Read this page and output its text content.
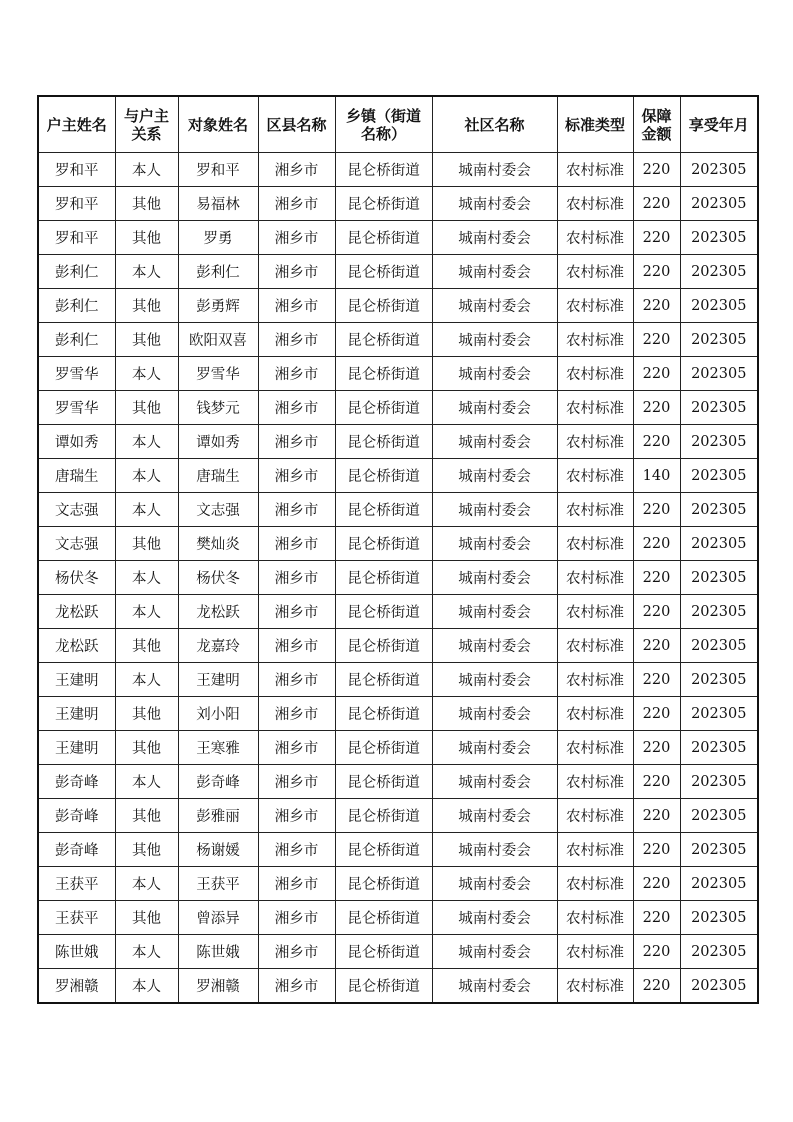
户主姓名	与户主关系	对象姓名	区县名称	乡镇（街道名称）	社区名称	标准类型	保障金额	享受年月
罗和平	本人	罗和平	湘乡市	昆仑桥街道	城南村委会	农村标准	220	202305
罗和平	其他	易福林	湘乡市	昆仑桥街道	城南村委会	农村标准	220	202305
罗和平	其他	罗勇	湘乡市	昆仑桥街道	城南村委会	农村标准	220	202305
彭利仁	本人	彭利仁	湘乡市	昆仑桥街道	城南村委会	农村标准	220	202305
彭利仁	其他	彭勇辉	湘乡市	昆仑桥街道	城南村委会	农村标准	220	202305
彭利仁	其他	欧阳双喜	湘乡市	昆仑桥街道	城南村委会	农村标准	220	202305
罗雪华	本人	罗雪华	湘乡市	昆仑桥街道	城南村委会	农村标准	220	202305
罗雪华	其他	钱梦元	湘乡市	昆仑桥街道	城南村委会	农村标准	220	202305
谭如秀	本人	谭如秀	湘乡市	昆仑桥街道	城南村委会	农村标准	220	202305
唐瑞生	本人	唐瑞生	湘乡市	昆仑桥街道	城南村委会	农村标准	140	202305
文志强	本人	文志强	湘乡市	昆仑桥街道	城南村委会	农村标准	220	202305
文志强	其他	樊灿炎	湘乡市	昆仑桥街道	城南村委会	农村标准	220	202305
杨伏冬	本人	杨伏冬	湘乡市	昆仑桥街道	城南村委会	农村标准	220	202305
龙松跃	本人	龙松跃	湘乡市	昆仑桥街道	城南村委会	农村标准	220	202305
龙松跃	其他	龙嘉玲	湘乡市	昆仑桥街道	城南村委会	农村标准	220	202305
王建明	本人	王建明	湘乡市	昆仑桥街道	城南村委会	农村标准	220	202305
王建明	其他	刘小阳	湘乡市	昆仑桥街道	城南村委会	农村标准	220	202305
王建明	其他	王寒雅	湘乡市	昆仑桥街道	城南村委会	农村标准	220	202305
彭奇峰	本人	彭奇峰	湘乡市	昆仑桥街道	城南村委会	农村标准	220	202305
彭奇峰	其他	彭雅丽	湘乡市	昆仑桥街道	城南村委会	农村标准	220	202305
彭奇峰	其他	杨谢媛	湘乡市	昆仑桥街道	城南村委会	农村标准	220	202305
王获平	本人	王获平	湘乡市	昆仑桥街道	城南村委会	农村标准	220	202305
王获平	其他	曾添异	湘乡市	昆仑桥街道	城南村委会	农村标准	220	202305
陈世娥	本人	陈世娥	湘乡市	昆仑桥街道	城南村委会	农村标准	220	202305
罗湘赣	本人	罗湘赣	湘乡市	昆仑桥街道	城南村委会	农村标准	220	202305
